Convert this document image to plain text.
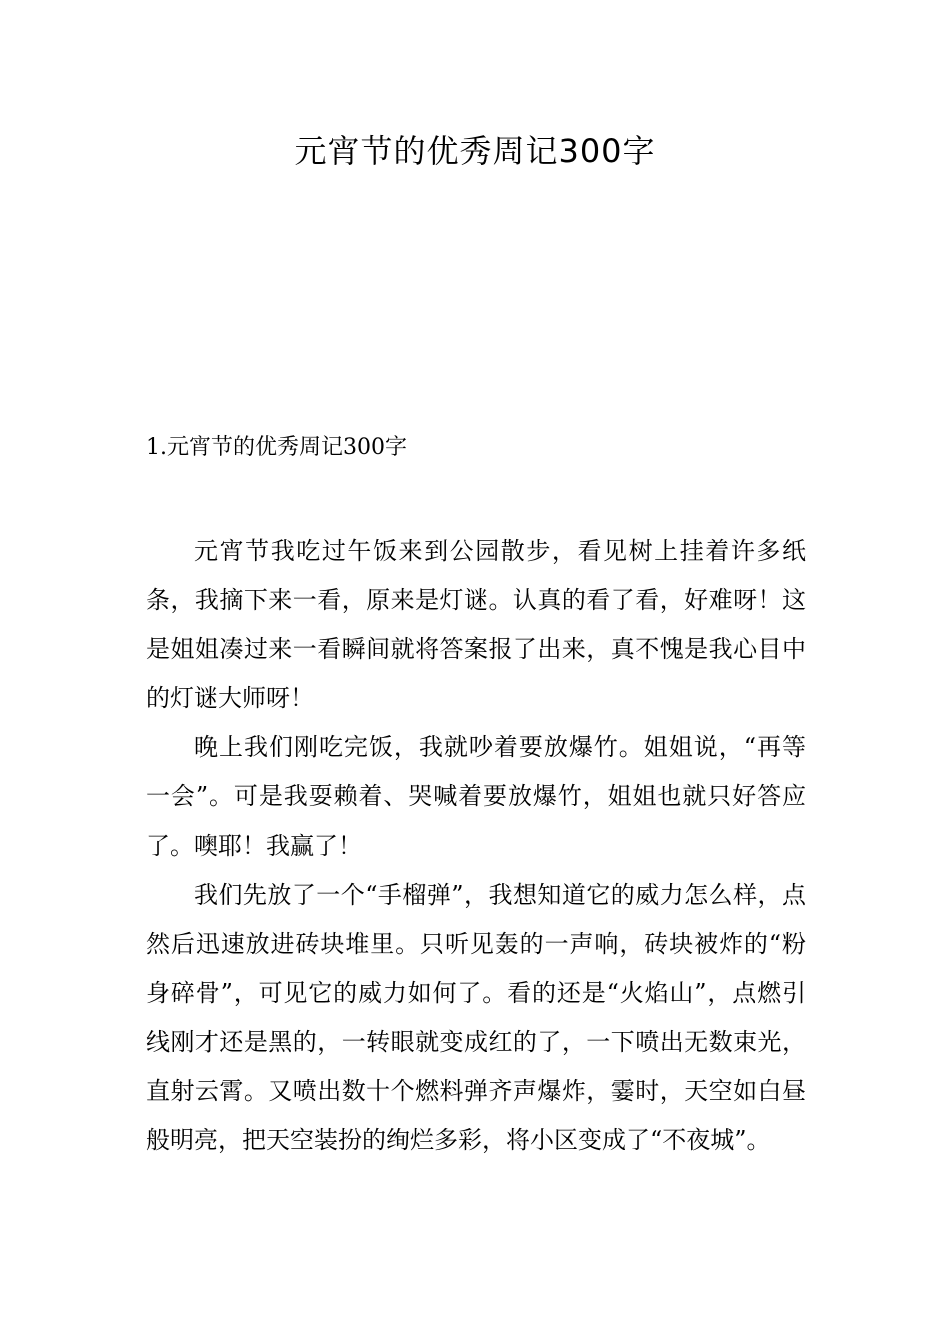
元宵节的优秀周记300字
1.元宵节的优秀周记300字

元宵节我吃过午饭来到公园散步，看见树上挂着许多纸条，我摘下来一看，原来是灯谜。认真的看了看，好难呀！这是姐姐凑过来一看瞬间就将答案报了出来，真不愧是我心目中的灯谜大师呀！

晚上我们刚吃完饭，我就吵着要放爆竹。姐姐说，“再等一会”。可是我耍赖着、哭喊着要放爆竹，姐姐也就只好答应了。噢耶！我赢了！

我们先放了一个“手榴弹”，我想知道它的威力怎么样，点然后迅速放进砖块堆里。只听见轰的一声响，砖块被炸的“粉身碎骨”，可见它的威力如何了。看的还是“火焰山”，点燃引线刚才还是黑的，一转眼就变成红的了，一下喷出无数束光，直射云霄。又喷出数十个燃料弹齐声爆炸，霎时，天空如白昼般明亮，把天空装扮的绚烂多彩，将小区变成了“不夜城”。
